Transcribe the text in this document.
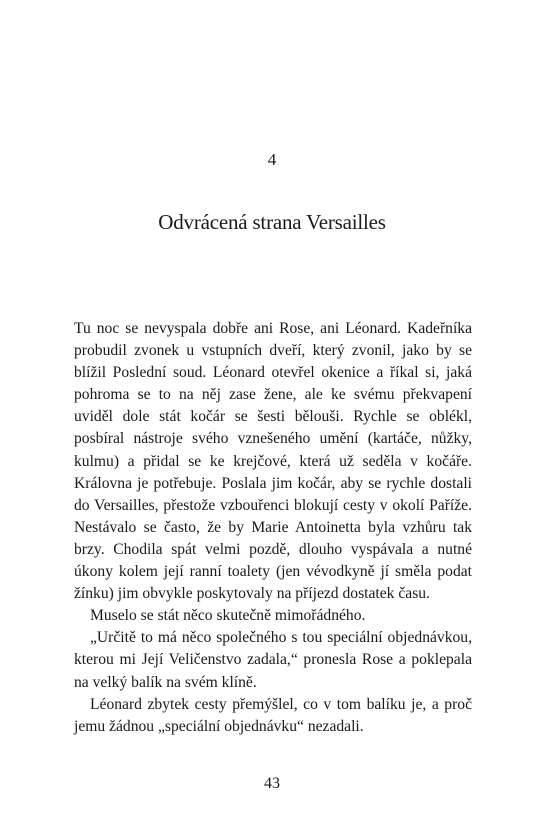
4
Odvrácená strana Versailles

Tu noc se nevyspala dobře ani Rose, ani Léonard. Kadeřníka probudil zvonek u vstupních dveří, který zvonil, jako by se blížil Poslední soud. Léonard otevřel okenice a říkal si, jaká pohroma se to na něj zase žene, ale ke svému překvapení uviděl dole stát kočár se šesti bělouši. Rychle se oblékl, posbíral nástroje svého vznešeného umění (kartáče, nůžky, kulmu) a přidal se ke krejčové, která už seděla v kočáře. Královna je potřebuje. Poslala jim kočár, aby se rychle dostali do Versailles, přestože vzbouřenci blokují cesty v okolí Paříže. Nestávalo se často, že by Marie Antoinetta byla vzhůru tak brzy. Chodila spát velmi pozdě, dlouho vyspávala a nutné úkony kolem její ranní toalety (jen vévodkyně jí směla podat žínku) jim obvykle poskytovaly na příjezd dostatek času.

Muselo se stát něco skutečně mimořádného.

„Určitě to má něco společného s tou speciální objednávkou, kterou mi Její Veličenstvo zadala,“ pronesla Rose a poklepala na velký balík na svém klíně.

Léonard zbytek cesty přemýšlel, co v tom balíku je, a proč jemu žádnou „speciální objednávku“ nezadali.

43
